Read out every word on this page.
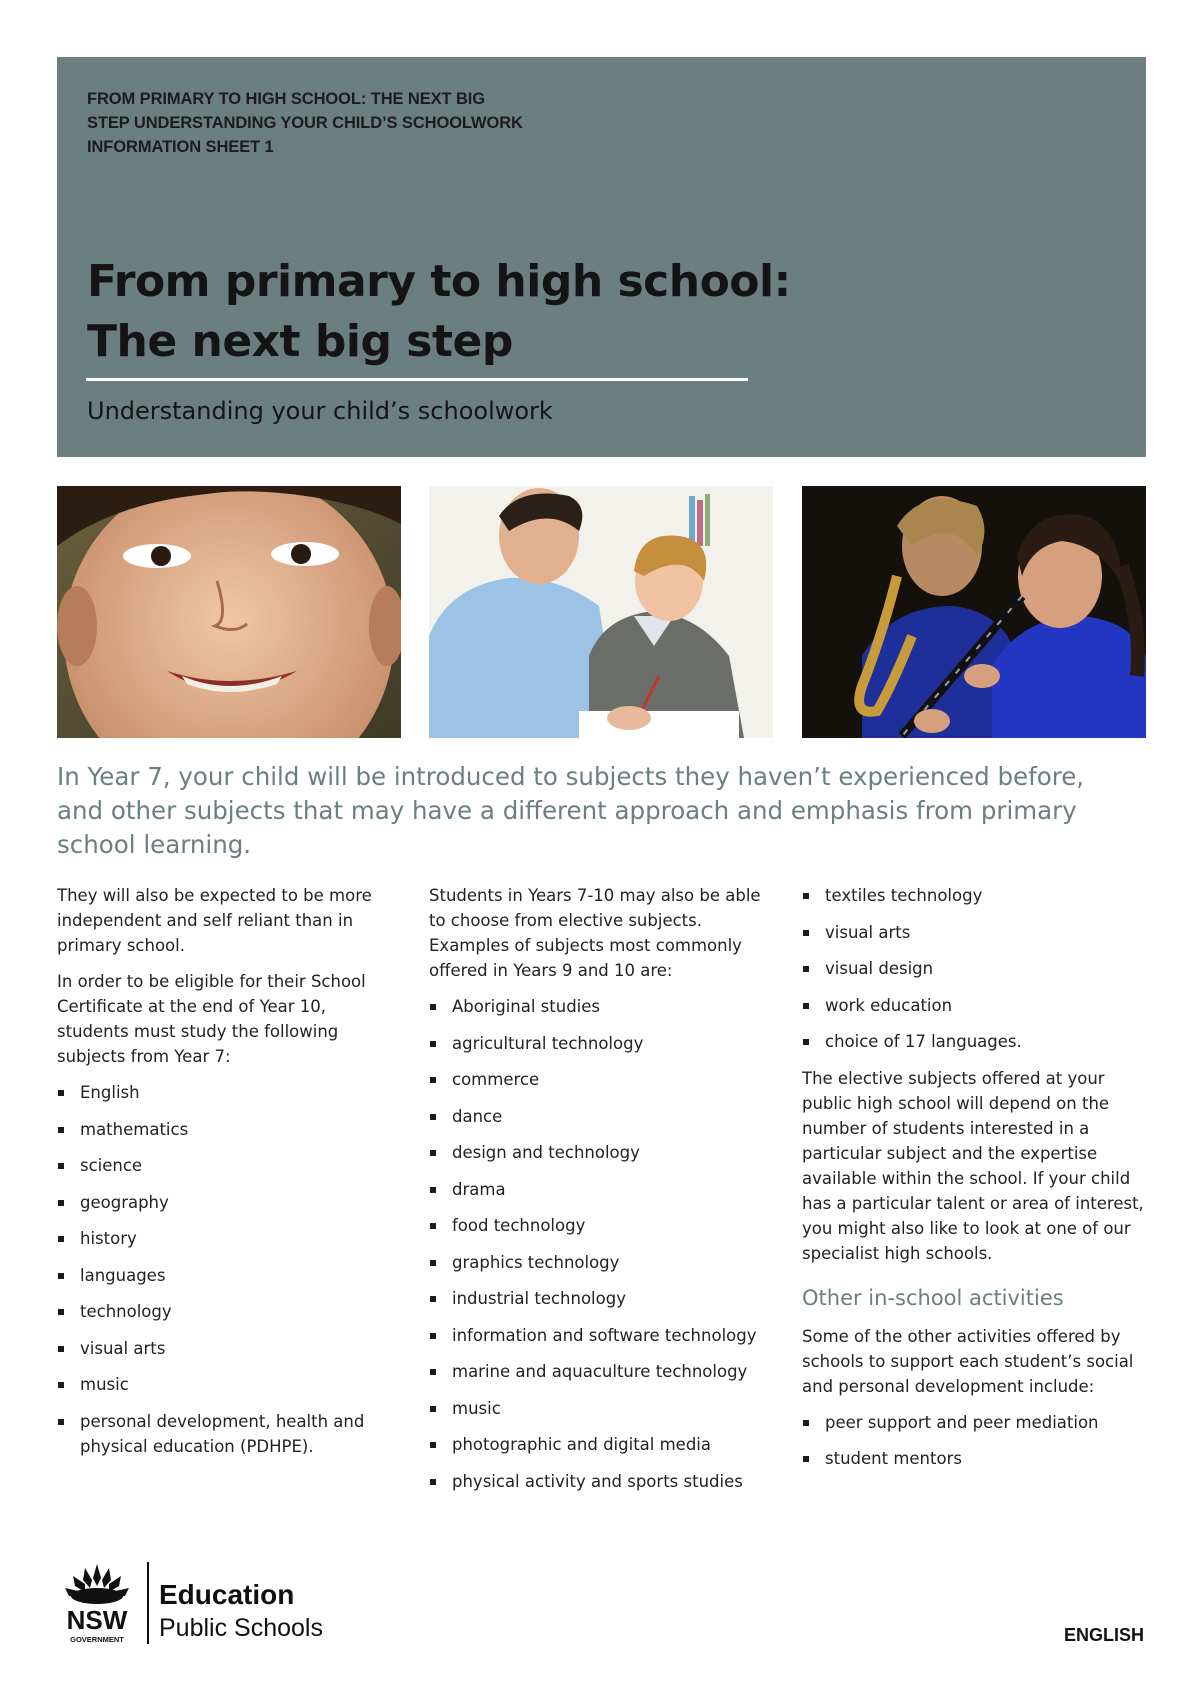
FROM PRIMARY TO HIGH SCHOOL: THE NEXT BIG
STEP UNDERSTANDING YOUR CHILD’S SCHOOLWORK
INFORMATION SHEET 1
From primary to high school:
The next big step
Understanding your child’s schoolwork
In Year 7, your child will be introduced to subjects they haven’t experienced before,
and other subjects that may have a different approach and emphasis from primary
school learning.

They will also be expected to be more independent and self reliant than in primary school.

In order to be eligible for their School Certificate at the end of Year 10, students must study the following subjects from Year 7:

English
mathematics
science
geography
history
languages
technology
visual arts
music
personal development, health and physical education (PDHPE).

Students in Years 7-10 may also be able to choose from elective subjects. Examples of subjects most commonly offered in Years 9 and 10 are:

Aboriginal studies
agricultural technology
commerce
dance
design and technology
drama
food technology
graphics technology
industrial technology
information and software technology
marine and aquaculture technology
music
photographic and digital media
physical activity and sports studies
textiles technology
visual arts
visual design
work education
choice of 17 languages.

The elective subjects offered at your public high school will depend on the number of students interested in a particular subject and the expertise available within the school. If your child has a particular talent or area of interest, you might also like to look at one of our specialist high schools.

Other in-school activities

Some of the other activities offered by schools to support each student’s social and personal development include:

peer support and peer mediation
student mentors
NSW
GOVERNMENT
Education
Public Schools	ENGLISH
